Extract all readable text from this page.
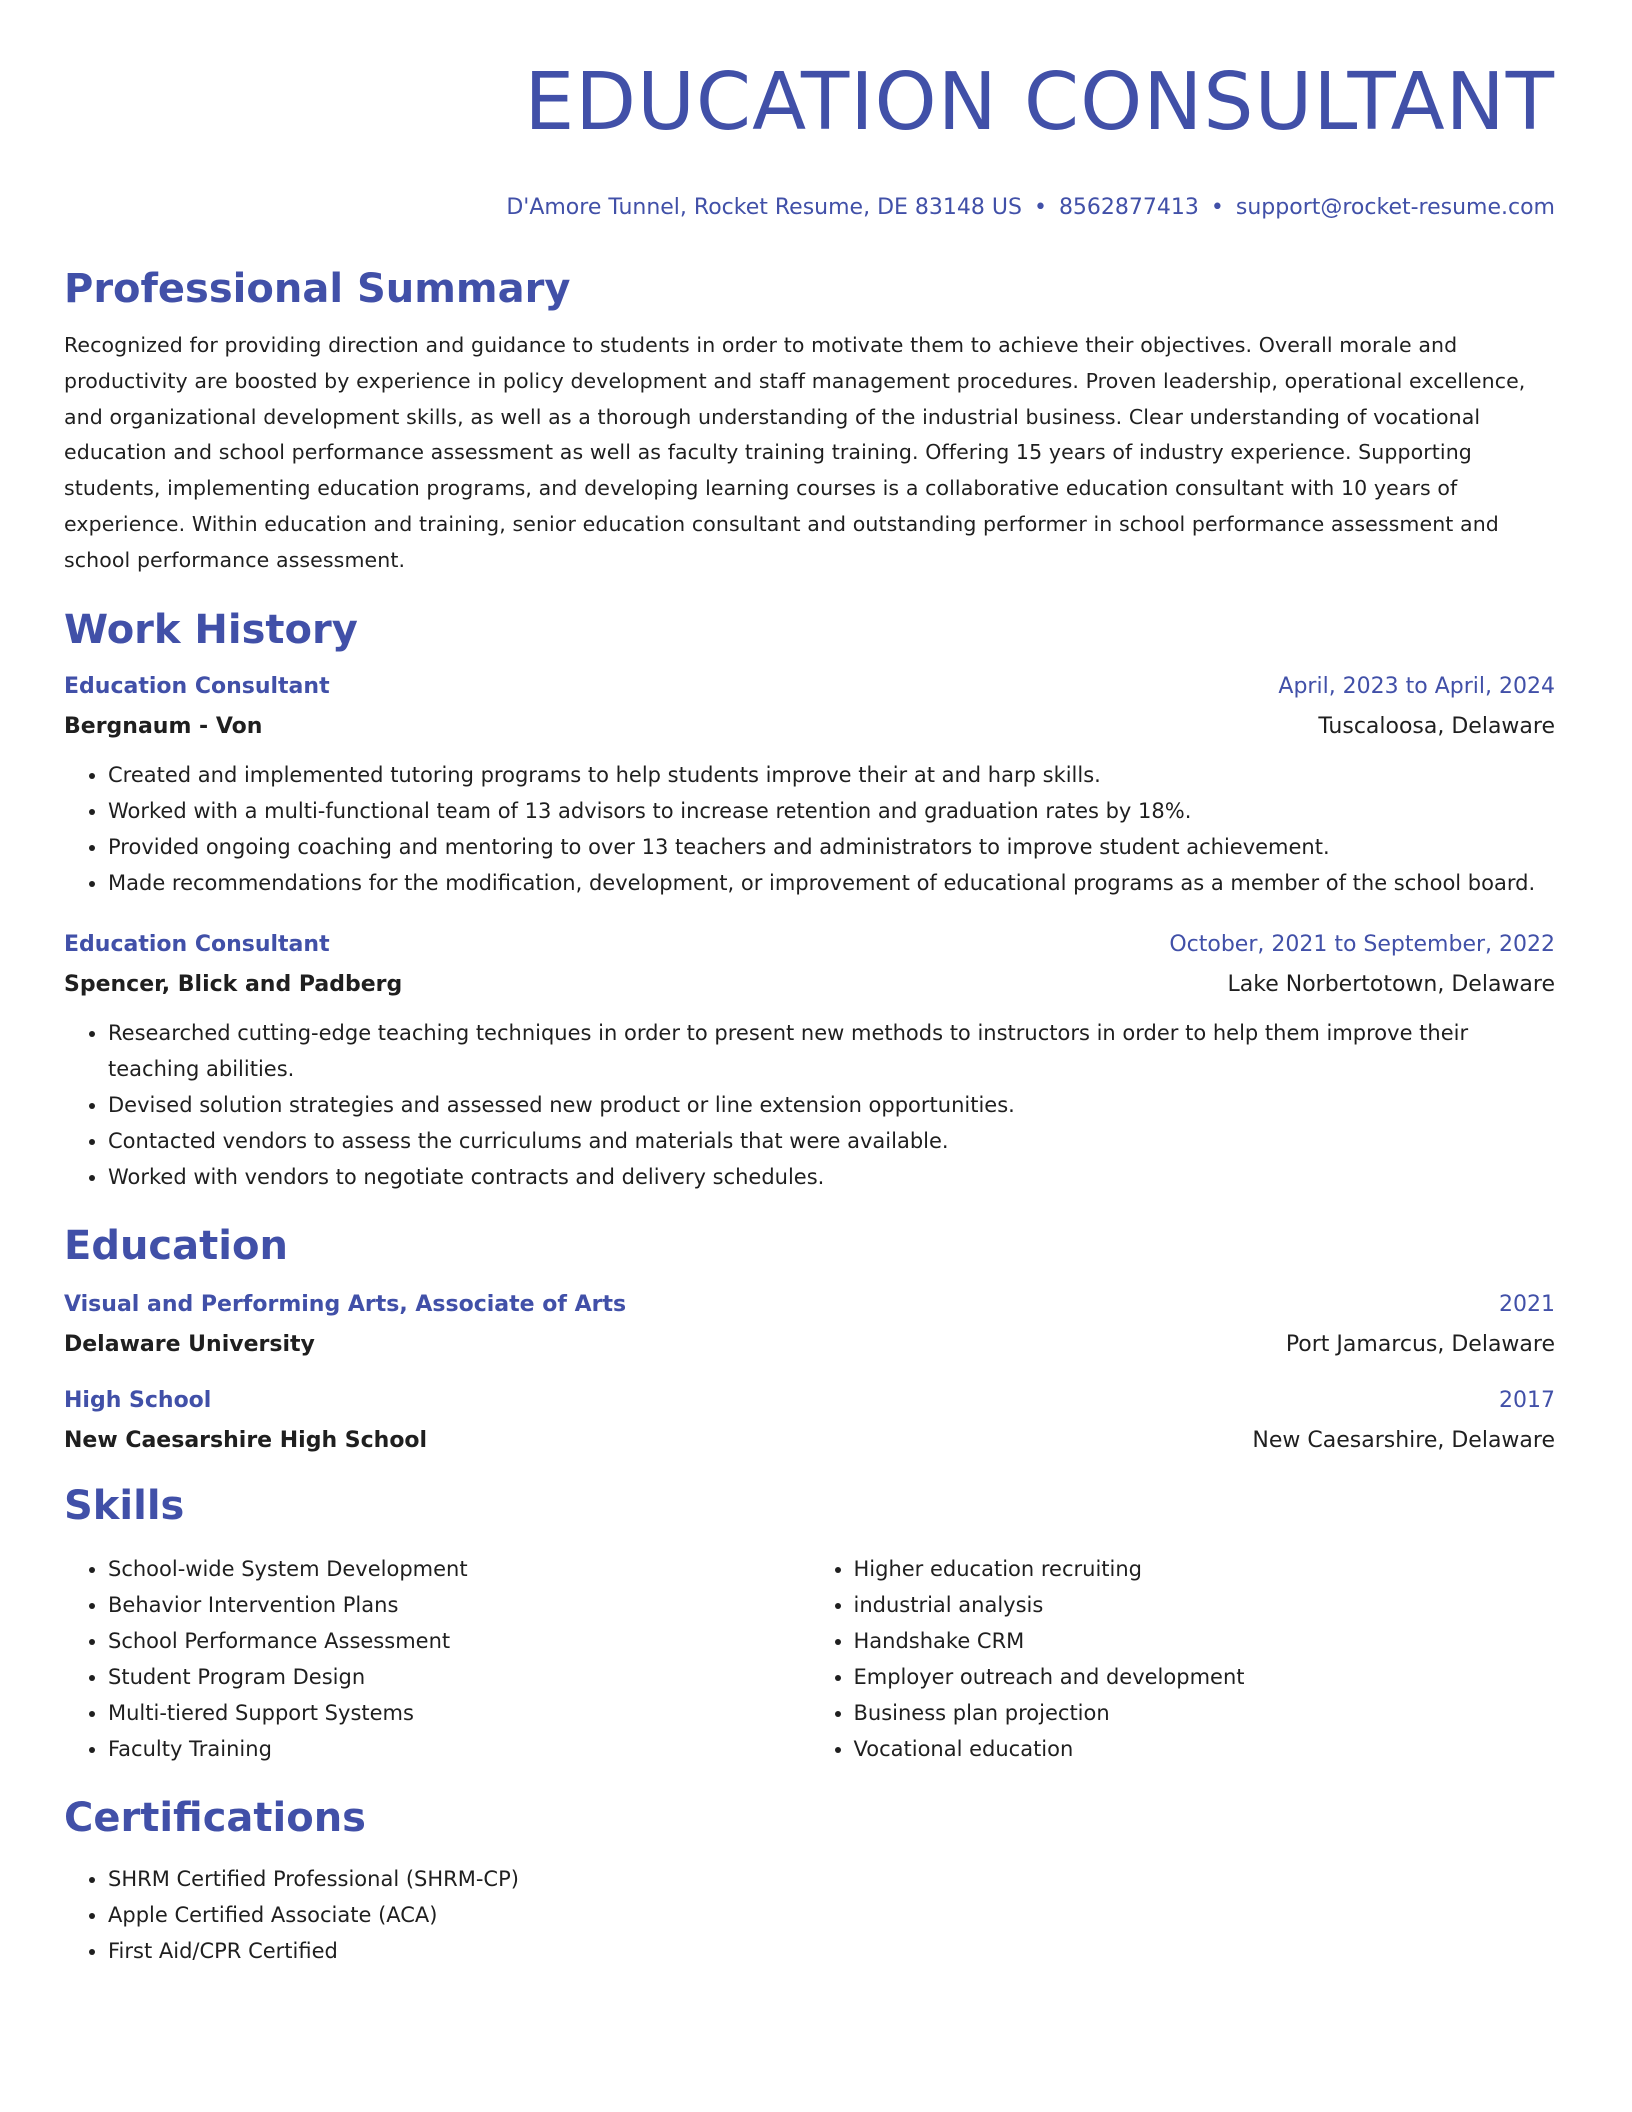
EDUCATION CONSULTANT
D'Amore Tunnel, Rocket Resume, DE 83148 US • 8562877413 • support@rocket-resume.com
Professional Summary

Recognized for providing direction and guidance to students in order to motivate them to achieve their objectives. Overall morale and productivity are boosted by experience in policy development and staff management procedures. Proven leadership, operational excellence, and organizational development skills, as well as a thorough understanding of the industrial business. Clear understanding of vocational education and school performance assessment as well as faculty training training. Offering 15 years of industry experience. Supporting students, implementing education programs, and developing learning courses is a collaborative education consultant with 10 years of experience. Within education and training, senior education consultant and outstanding performer in school performance assessment and school performance assessment.

Work History
Education Consultant	April, 2023 to April, 2024
Bergnaum - Von	Tuscaloosa, Delaware
• Created and implemented tutoring programs to help students improve their at and harp skills.
• Worked with a multi-functional team of 13 advisors to increase retention and graduation rates by 18%.
• Provided ongoing coaching and mentoring to over 13 teachers and administrators to improve student achievement.
• Made recommendations for the modification, development, or improvement of educational programs as a member of the school board.
Education Consultant	October, 2021 to September, 2022
Spencer, Blick and Padberg	Lake Norbertotown, Delaware
• Researched cutting-edge teaching techniques in order to present new methods to instructors in order to help them improve their teaching abilities.
• Devised solution strategies and assessed new product or line extension opportunities.
• Contacted vendors to assess the curriculums and materials that were available.
• Worked with vendors to negotiate contracts and delivery schedules.
Education
Visual and Performing Arts, Associate of Arts	2021
Delaware University	Port Jamarcus, Delaware
High School	2017
New Caesarshire High School	New Caesarshire, Delaware
Skills
• School-wide System Development
• Behavior Intervention Plans
• School Performance Assessment
• Student Program Design
• Multi-tiered Support Systems
• Faculty Training
• Higher education recruiting
• industrial analysis
• Handshake CRM
• Employer outreach and development
• Business plan projection
• Vocational education
Certifications
• SHRM Certified Professional (SHRM-CP)
• Apple Certified Associate (ACA)
• First Aid/CPR Certified
